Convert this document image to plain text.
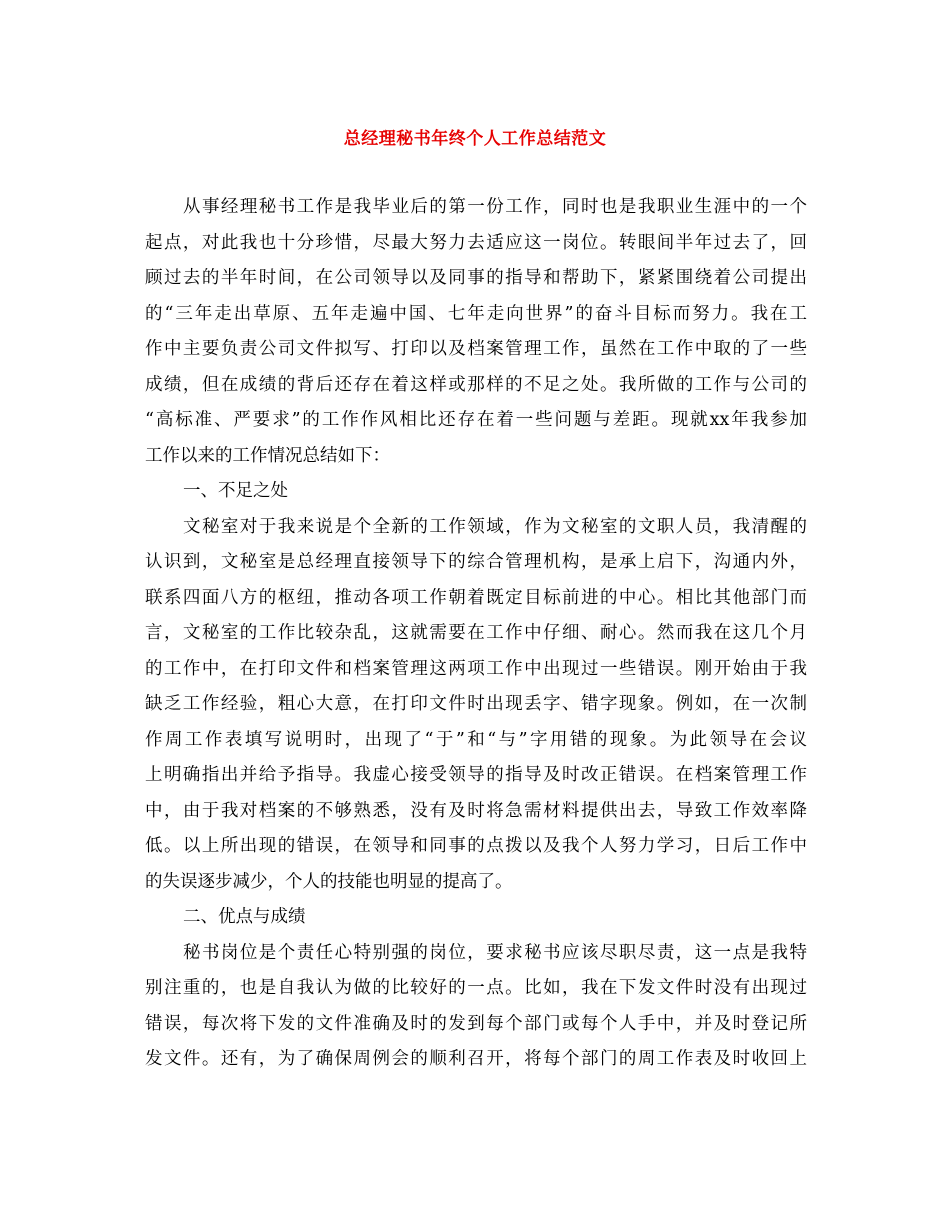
总经理秘书年终个人工作总结范文
从事经理秘书工作是我毕业后的第一份工作，同时也是我职业生涯中的一个
起点，对此我也十分珍惜，尽最大努力去适应这一岗位。转眼间半年过去了，回
顾过去的半年时间，在公司领导以及同事的指导和帮助下，紧紧围绕着公司提出
的“三年走出草原、五年走遍中国、七年走向世界”的奋斗目标而努力。我在工
作中主要负责公司文件拟写、打印以及档案管理工作，虽然在工作中取的了一些
成绩，但在成绩的背后还存在着这样或那样的不足之处。我所做的工作与公司的
“高标准、严要求”的工作作风相比还存在着一些问题与差距。现就xx年我参加
工作以来的工作情况总结如下：
一、不足之处
文秘室对于我来说是个全新的工作领域，作为文秘室的文职人员，我清醒的
认识到，文秘室是总经理直接领导下的综合管理机构，是承上启下，沟通内外，
联系四面八方的枢纽，推动各项工作朝着既定目标前进的中心。相比其他部门而
言，文秘室的工作比较杂乱，这就需要在工作中仔细、耐心。然而我在这几个月
的工作中，在打印文件和档案管理这两项工作中出现过一些错误。刚开始由于我
缺乏工作经验，粗心大意，在打印文件时出现丢字、错字现象。例如，在一次制
作周工作表填写说明时，出现了“于”和“与”字用错的现象。为此领导在会议
上明确指出并给予指导。我虚心接受领导的指导及时改正错误。在档案管理工作
中，由于我对档案的不够熟悉，没有及时将急需材料提供出去，导致工作效率降
低。以上所出现的错误，在领导和同事的点拨以及我个人努力学习，日后工作中
的失误逐步减少，个人的技能也明显的提高了。
二、优点与成绩
秘书岗位是个责任心特别强的岗位，要求秘书应该尽职尽责，这一点是我特
别注重的，也是自我认为做的比较好的一点。比如，我在下发文件时没有出现过
错误，每次将下发的文件准确及时的发到每个部门或每个人手中，并及时登记所
发文件。还有，为了确保周例会的顺利召开，将每个部门的周工作表及时收回上
